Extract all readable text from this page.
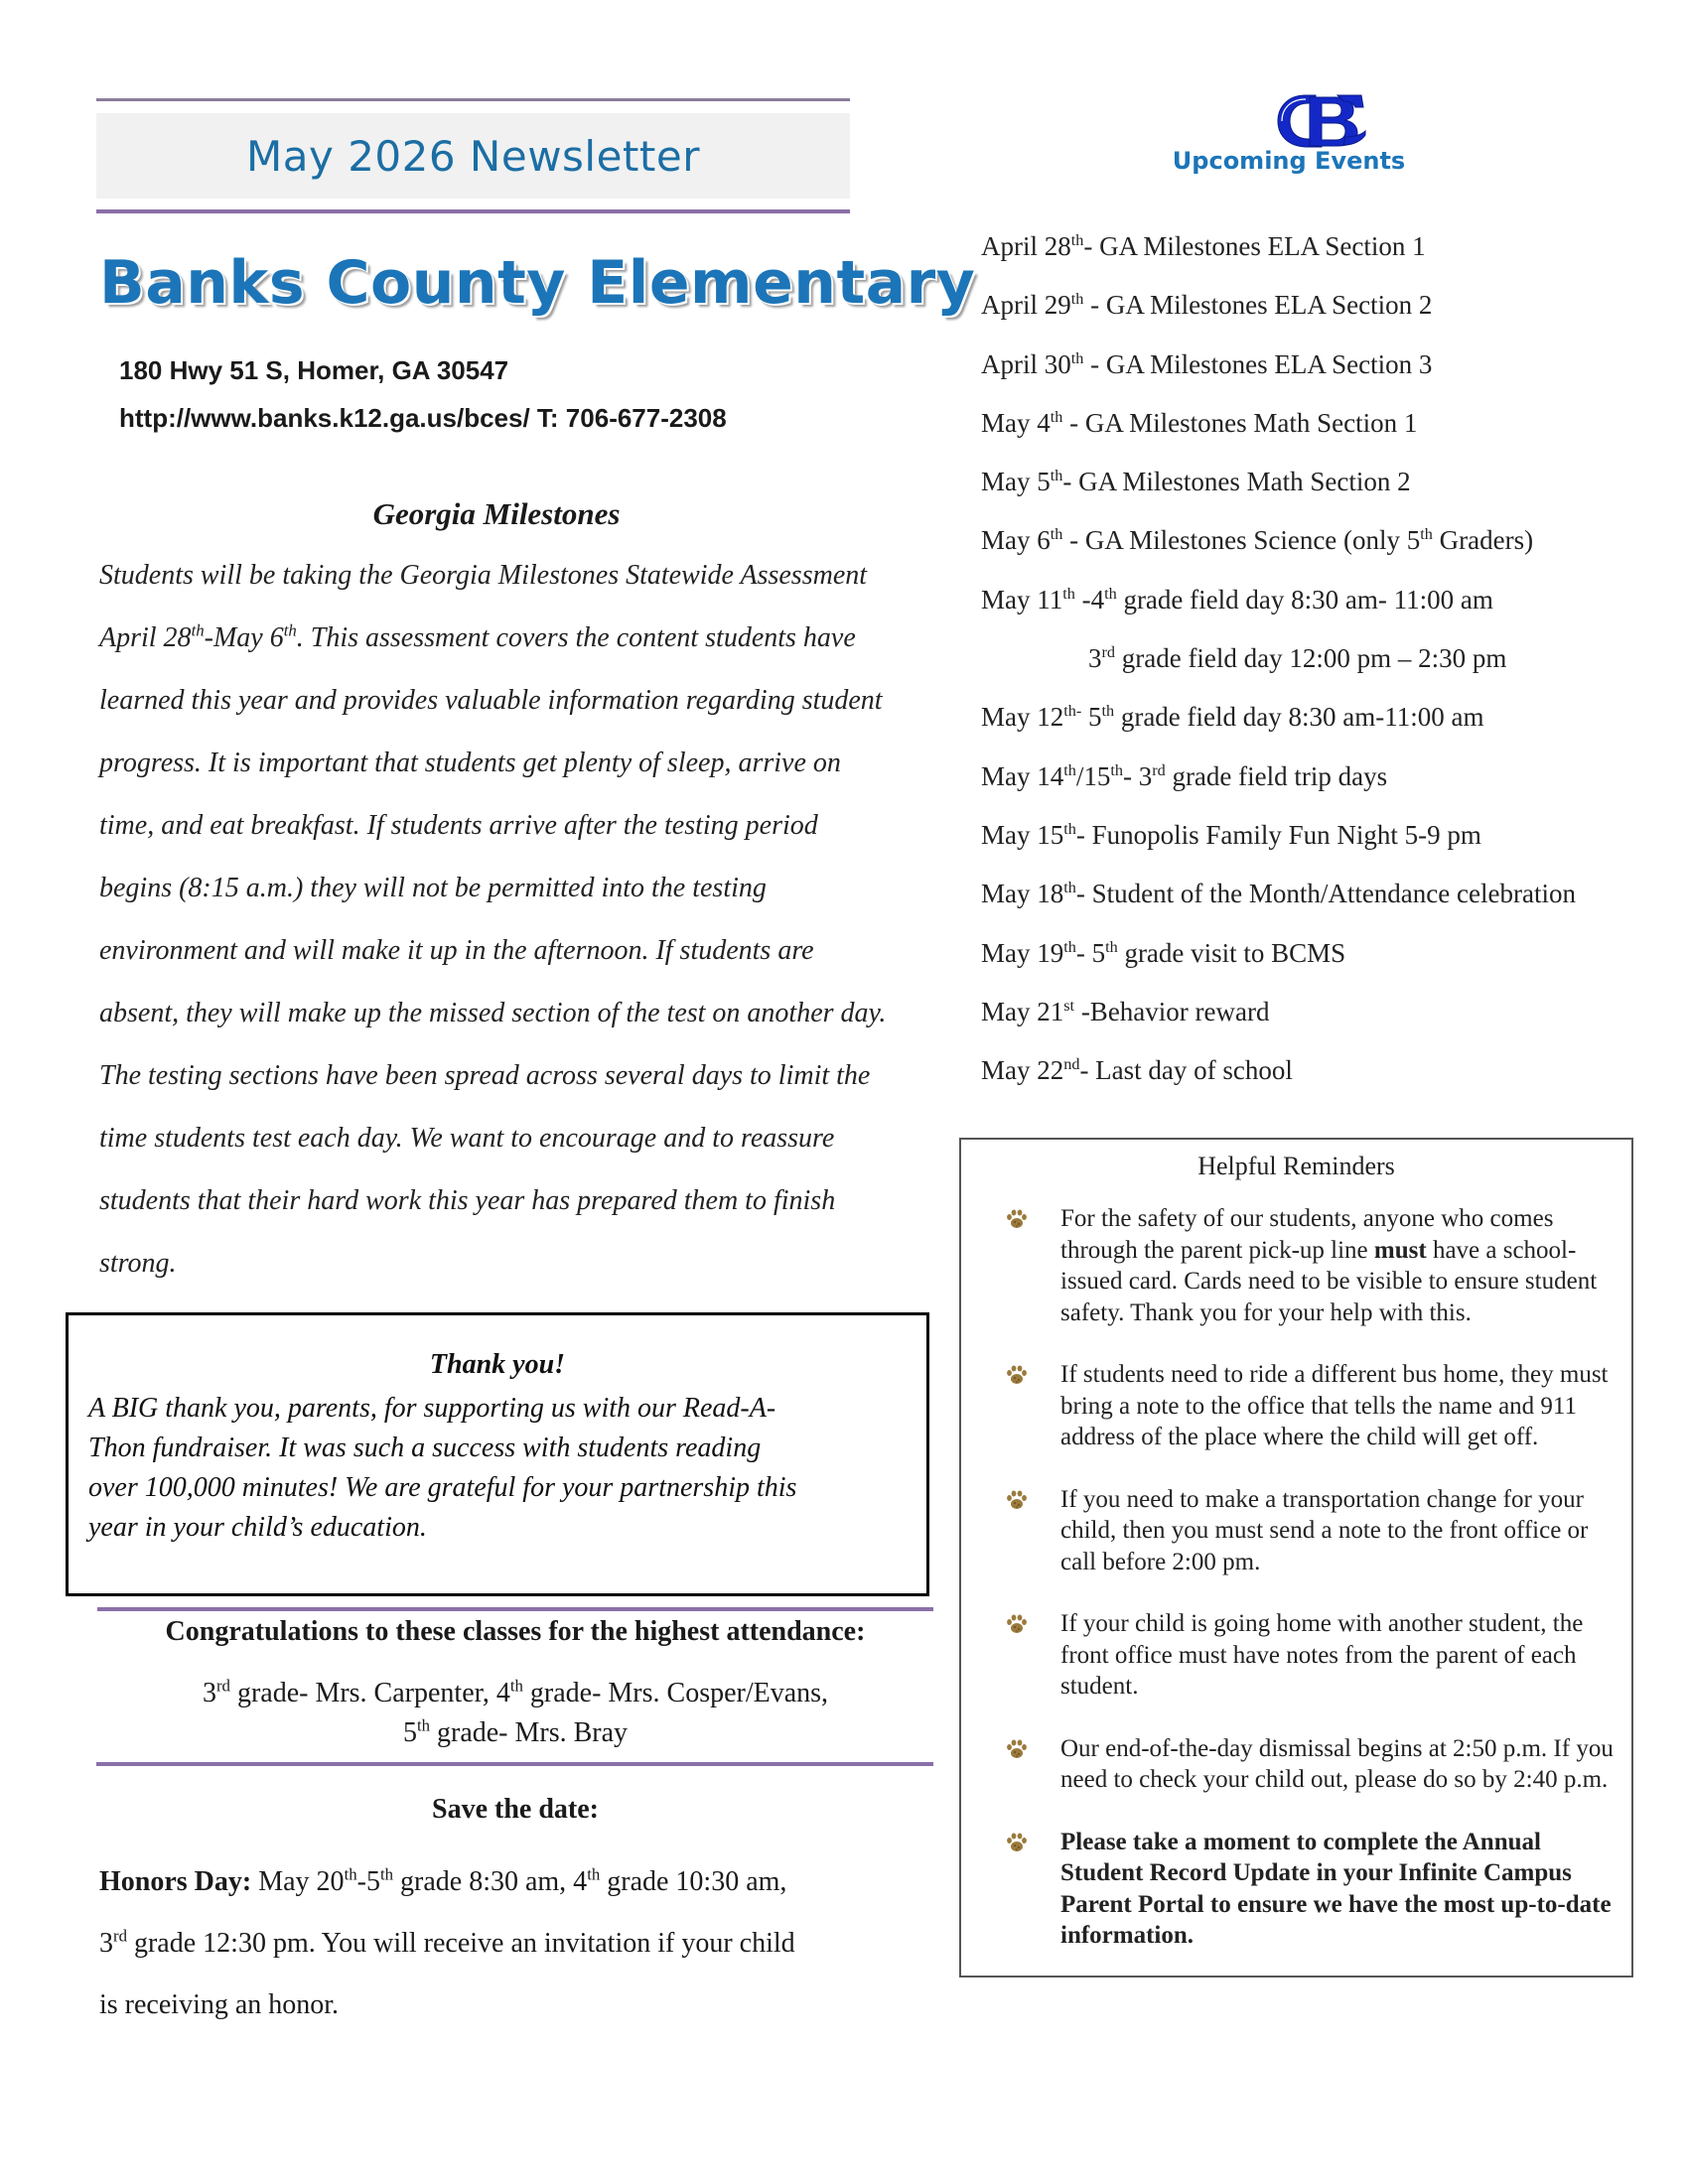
May 2026 Newsletter
Banks County Elementary
180 Hwy 51 S, Homer, GA 30547
http://www.banks.k12.ga.us/bces/ T: 706-677-2308
Georgia Milestones
Students will be taking the Georgia Milestones Statewide Assessment
April 28th-May 6th. This assessment covers the content students have
learned this year and provides valuable information regarding student
progress. It is important that students get plenty of sleep, arrive on
time, and eat breakfast. If students arrive after the testing period
begins (8:15 a.m.) they will not be permitted into the testing
environment and will make it up in the afternoon. If students are
absent, they will make up the missed section of the test on another day.
The testing sections have been spread across several days to limit the
time students test each day. We want to encourage and to reassure
students that their hard work this year has prepared them to finish
strong.
Thank you!
A BIG thank you, parents, for supporting us with our Read-A-
Thon fundraiser. It was such a success with students reading
over 100,000 minutes! We are grateful for your partnership this
year in your child’s education.
Congratulations to these classes for the highest attendance:
3rd grade- Mrs. Carpenter, 4th grade- Mrs. Cosper/Evans,
5th grade- Mrs. Bray
Save the date:
Honors Day: May 20th-5th grade 8:30 am, 4th grade 10:30 am,
3rd grade 12:30 pm. You will receive an invitation if your child
is receiving an honor.
Upcoming Events
April 28th- GA Milestones ELA Section 1
April 29th - GA Milestones ELA Section 2
April 30th - GA Milestones ELA Section 3
May 4th - GA Milestones Math Section 1
May 5th- GA Milestones Math Section 2
May 6th - GA Milestones Science (only 5th Graders)
May 11th -4th grade field day 8:30 am- 11:00 am
3rd grade field day 12:00 pm – 2:30 pm
May $12^{th-}$ 5th grade field day 8:30 am-11:00 am
May 14th/15th- 3rd grade field trip days
May 15th- Funopolis Family Fun Night 5-9 pm
May 18th- Student of the Month/Attendance celebration
May 19th- 5th grade visit to BCMS
May 21st -Behavior reward
May 22nd- Last day of school
Helpful Reminders
For the safety of our students, anyone who comes through the parent pick-up line must have a school-issued card. Cards need to be visible to ensure student safety. Thank you for your help with this.
If students need to ride a different bus home, they must bring a note to the office that tells the name and 911 address of the place where the child will get off.
If you need to make a transportation change for your child, then you must send a note to the front office or call before 2:00 pm.
If your child is going home with another student, the front office must have notes from the parent of each student.
Our end-of-the-day dismissal begins at 2:50 p.m. If you need to check your child out, please do so by 2:40 p.m.
Please take a moment to complete the Annual Student Record Update in your Infinite Campus Parent Portal to ensure we have the most up-to-date information.
